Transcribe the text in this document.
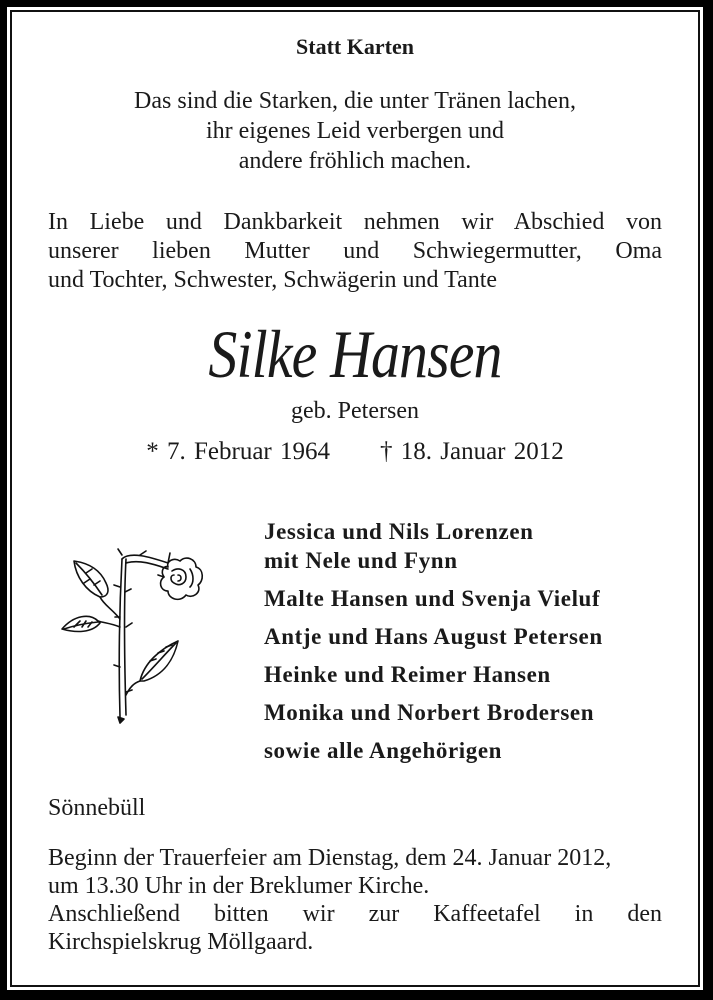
Statt Karten
Das sind die Starken, die unter Tränen lachen,
ihr eigenes Leid verbergen und
andere fröhlich machen.
In Liebe und Dankbarkeit nehmen wir Abschied von
unserer lieben Mutter und Schwiegermutter, Oma
und Tochter, Schwester, Schwägerin und Tante
Silke Hansen
geb. Petersen
* 7. Februar 1964 † 18. Januar 2012
Jessica und Nils Lorenzen
mit Nele und Fynn
Malte Hansen und Svenja Vieluf
Antje und Hans August Petersen
Heinke und Reimer Hansen
Monika und Norbert Brodersen
sowie alle Angehörigen
Sönnebüll
Beginn der Trauerfeier am Dienstag, dem 24. Januar 2012,
um 13.30 Uhr in der Breklumer Kirche.
Anschließend bitten wir zur Kaffeetafel in den
Kirchspielskrug Möllgaard.
